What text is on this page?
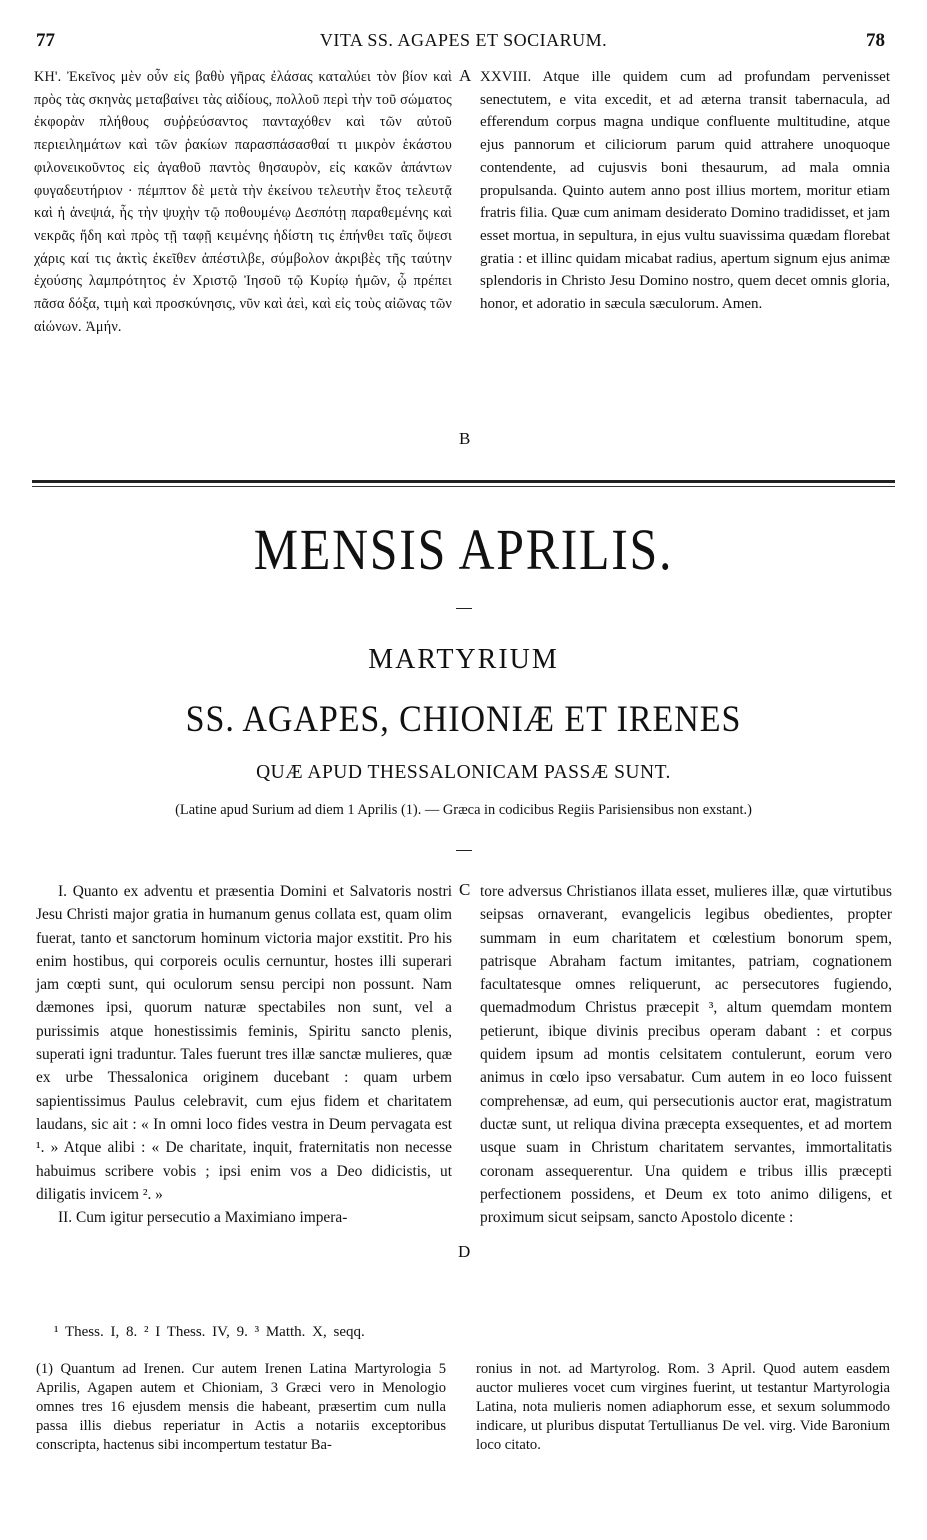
77	VITA SS. AGAPES ET SOCIARUM.	78
ΚΗ'. Ἐκεῖνος μὲν οὖν εἰς βαθὺ γῆρας ἐλάσας καταλύει τὸν βίον καὶ πρὸς τὰς σκηνὰς μεταβαίνει τὰς αἰδίους, πολλοῦ περὶ τὴν τοῦ σώματος ἐκφορὰν πλήθους συῤῥεύσαντος πανταχόθεν καὶ τῶν αὐτοῦ περιειλημάτων καὶ τῶν ῥακίων παρασπάσασθαί τι μικρὸν ἑκάστου φιλονεικοῦντος εἰς ἀγαθοῦ παντὸς θησαυρὸν, εἰς κακῶν ἁπάντων φυγαδευτήριον · πέμπτον δὲ μετὰ τὴν ἐκείνου τελευτὴν ἔτος τελευτᾷ καὶ ἡ ἀνεψιά, ἧς τὴν ψυχὴν τῷ ποθουμένῳ Δεσπότῃ παραθεμένης καὶ νεκρᾶς ἤδη καὶ πρὸς τῇ ταφῇ κειμένης ἡδίστη τις ἐπήνθει ταῖς ὄψεσι χάρις καί τις ἀκτὶς ἐκεῖθεν ἀπέστιλβε, σύμβολον ἀκριβὲς τῆς ταύτην ἐχούσης λαμπρότητος ἐν Χριστῷ Ἰησοῦ τῷ Κυρίῳ ἡμῶν, ᾧ πρέπει πᾶσα δόξα, τιμὴ καὶ προσκύνησις, νῦν καὶ ἀεὶ, καὶ εἰς τοὺς αἰῶνας τῶν αἰώνων. Ἀμήν.
XXVIII. Atque ille quidem cum ad profundam pervenisset senectutem, e vita excedit, et ad æterna transit tabernacula, ad efferendum corpus magna undique confluente multitudine, atque ejus pannorum et ciliciorum parum quid attrahere unoquoque contendente, ad cujusvis boni thesaurum, ad mala omnia propulsanda. Quinto autem anno post illius mortem, moritur etiam fratris filia. Quæ cum animam desiderato Domino tradidisset, et jam esset mortua, in sepultura, in ejus vultu suavissima quædam florebat gratia : et illinc quidam micabat radius, apertum signum ejus animæ splendoris in Christo Jesu Domino nostro, quem decet omnis gloria, honor, et adoratio in sæcula sæculorum. Amen.
A
B
MENSIS APRILIS.
MARTYRIUM
SS. AGAPES, CHIONIÆ ET IRENES
QUÆ APUD THESSALONICAM PASSÆ SUNT.
(Latine apud Surium ad diem 1 Aprilis (1). — Græca in codicibus Regiis Parisiensibus non exstant.)

I. Quanto ex adventu et præsentia Domini et Salvatoris nostri Jesu Christi major gratia in humanum genus collata est, quam olim fuerat, tanto et sanctorum hominum victoria major exstitit. Pro his enim hostibus, qui corporeis oculis cernuntur, hostes illi superari jam cœpti sunt, qui oculorum sensu percipi non possunt. Nam dæmones ipsi, quorum naturæ spectabiles non sunt, vel a purissimis atque honestissimis feminis, Spiritu sancto plenis, superati igni traduntur. Tales fuerunt tres illæ sanctæ mulieres, quæ ex urbe Thessalonica originem ducebant : quam urbem sapientissimus Paulus celebravit, cum ejus fidem et charitatem laudans, sic ait : « In omni loco fides vestra in Deum pervagata est ¹. » Atque alibi : « De charitate, inquit, fraternitatis non necesse habuimus scribere vobis ; ipsi enim vos a Deo didicistis, ut diligatis invicem ². »

II. Cum igitur persecutio a Maximiano impera-

tore adversus Christianos illata esset, mulieres illæ, quæ virtutibus seipsas ornaverant, evangelicis legibus obedientes, propter summam in eum charitatem et cœlestium bonorum spem, patrisque Abraham factum imitantes, patriam, cognationem facultatesque omnes reliquerunt, ac persecutores fugiendo, quemadmodum Christus præcepit ³, altum quemdam montem petierunt, ibique divinis precibus operam dabant : et corpus quidem ipsum ad montis celsitatem contulerunt, eorum vero animus in cœlo ipso versabatur. Cum autem in eo loco fuissent comprehensæ, ad eum, qui persecutionis auctor erat, magistratum ductæ sunt, ut reliqua divina præcepta exsequentes, et ad mortem usque suam in Christum charitatem servantes, immortalitatis coronam assequerentur. Una quidem e tribus illis præcepti perfectionem possidens, et Deum ex toto animo diligens, et proximum sicut seipsam, sancto Apostolo dicente :
C
D
¹ Thess. I, 8. ² I Thess. IV, 9. ³ Matth. X, seqq.
(1) Quantum ad Irenen. Cur autem Irenen Latina Martyrologia 5 Aprilis, Agapen autem et Chioniam, 3 Græci vero in Menologio omnes tres 16 ejusdem mensis die habeant, præsertim cum nulla passa illis diebus reperiatur in Actis a notariis exceptoribus conscripta, hactenus sibi incompertum testatur Ba-
ronius in not. ad Martyrolog. Rom. 3 April. Quod autem easdem auctor mulieres vocet cum virgines fuerint, ut testantur Martyrologia Latina, nota mulieris nomen adiaphorum esse, et sexum solummodo indicare, ut pluribus disputat Tertullianus De vel. virg. Vide Baronium loco citato.
